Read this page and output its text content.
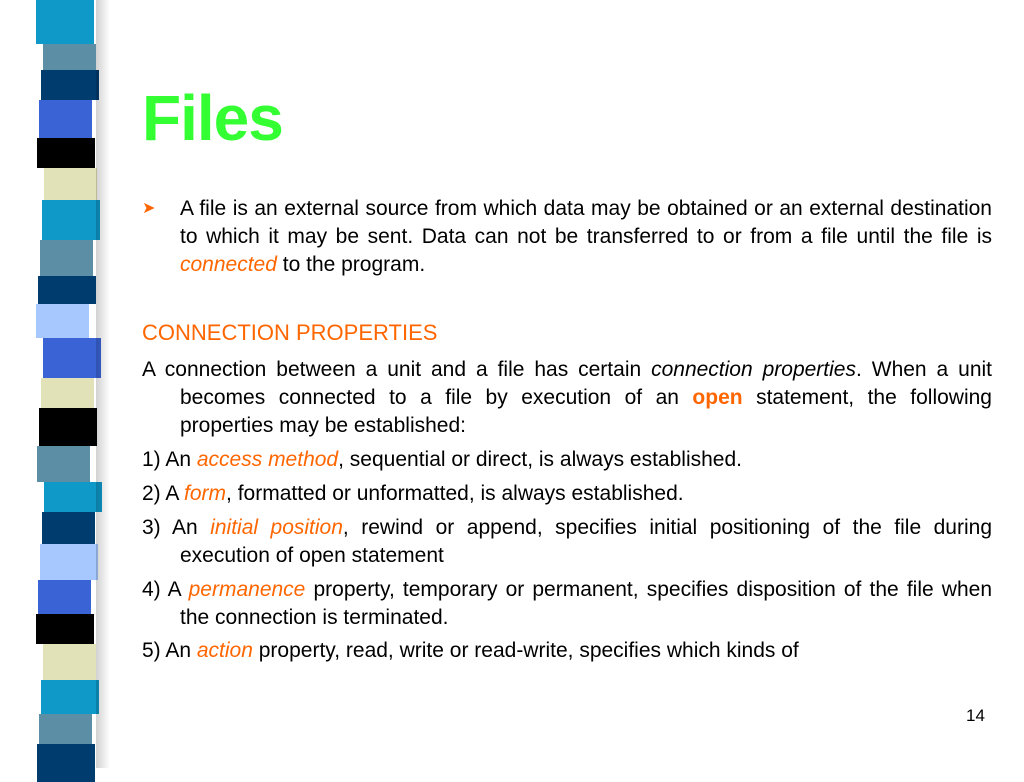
Files
➤ A file is an external source from which data may be obtained or an external destination to which it may be sent. Data can not be transferred to or from a file until the file is connected to the program.
CONNECTION PROPERTIES
A connection between a unit and a file has certain connection properties. When a unit becomes connected to a file by execution of an open statement, the following properties may be established:
1) An access method, sequential or direct, is always established.
2) A form, formatted or unformatted, is always established.
3) An initial position, rewind or append, specifies initial positioning of the file during execution of open statement
4) A permanence property, temporary or permanent, specifies disposition of the file when the connection is terminated.
5) An action property, read, write or read-write, specifies which kinds of
14
